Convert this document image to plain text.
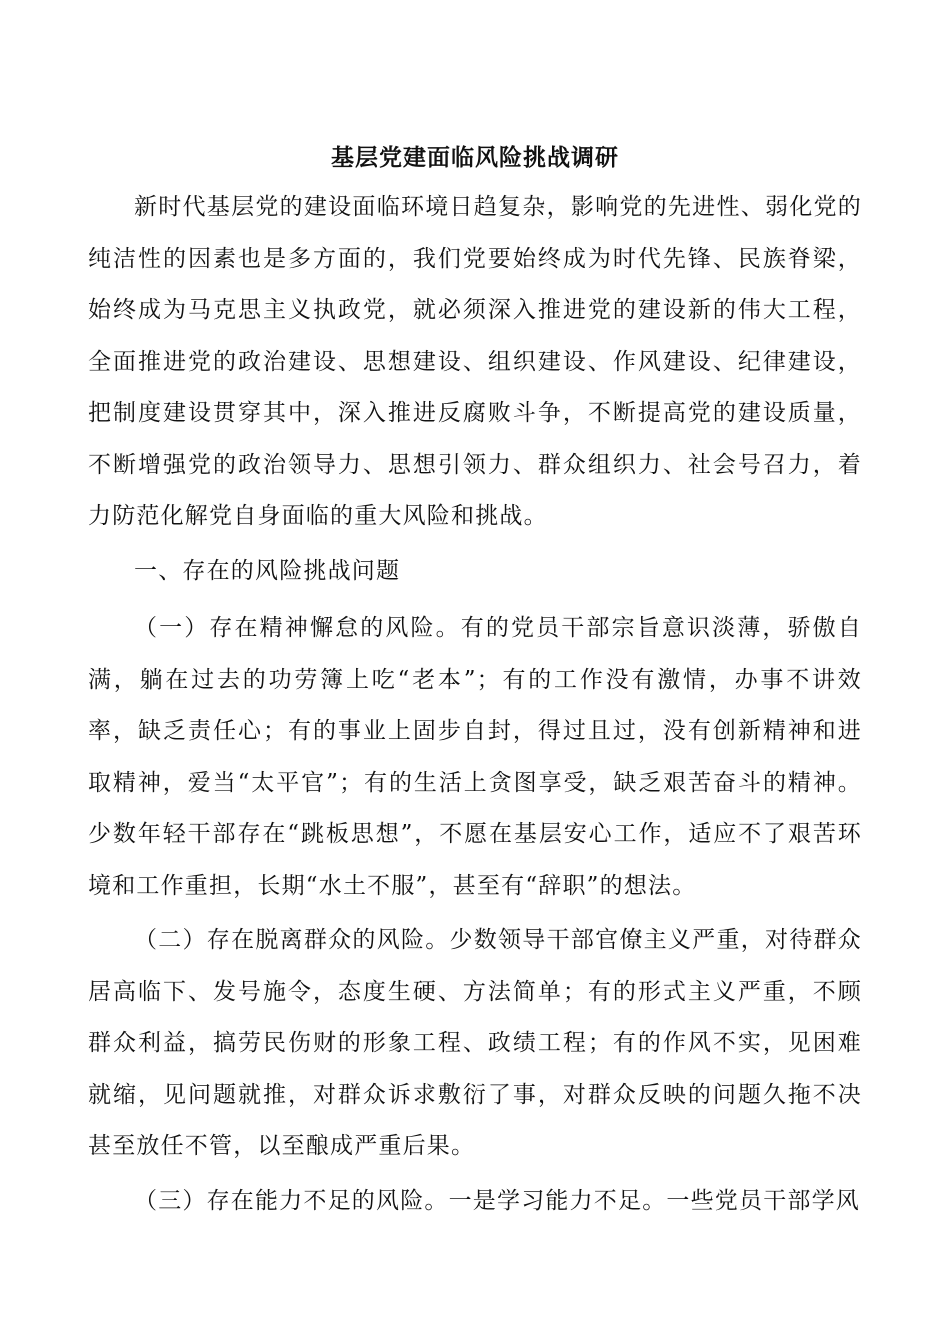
基层党建面临风险挑战调研

新时代基层党的建设面临环境日趋复杂，影响党的先进性、弱化党的纯洁性的因素也是多方面的，我们党要始终成为时代先锋、民族脊梁，始终成为马克思主义执政党，就必须深入推进党的建设新的伟大工程，全面推进党的政治建设、思想建设、组织建设、作风建设、纪律建设，把制度建设贯穿其中，深入推进反腐败斗争，不断提高党的建设质量，不断增强党的政治领导力、思想引领力、群众组织力、社会号召力，着力防范化解党自身面临的重大风险和挑战。

一、存在的风险挑战问题

（一）存在精神懈怠的风险。有的党员干部宗旨意识淡薄，骄傲自满，躺在过去的功劳簿上吃“老本”；有的工作没有激情，办事不讲效率，缺乏责任心；有的事业上固步自封，得过且过，没有创新精神和进取精神，爱当“太平官”；有的生活上贪图享受，缺乏艰苦奋斗的精神。少数年轻干部存在“跳板思想”，不愿在基层安心工作，适应不了艰苦环境和工作重担，长期“水土不服”，甚至有“辞职”的想法。

（二）存在脱离群众的风险。少数领导干部官僚主义严重，对待群众居高临下、发号施令，态度生硬、方法简单；有的形式主义严重，不顾群众利益，搞劳民伤财的形象工程、政绩工程；有的作风不实，见困难就缩，见问题就推，对群众诉求敷衍了事，对群众反映的问题久拖不决甚至放任不管，以至酿成严重后果。

（三）存在能力不足的风险。一是学习能力不足。一些党员干部学风
